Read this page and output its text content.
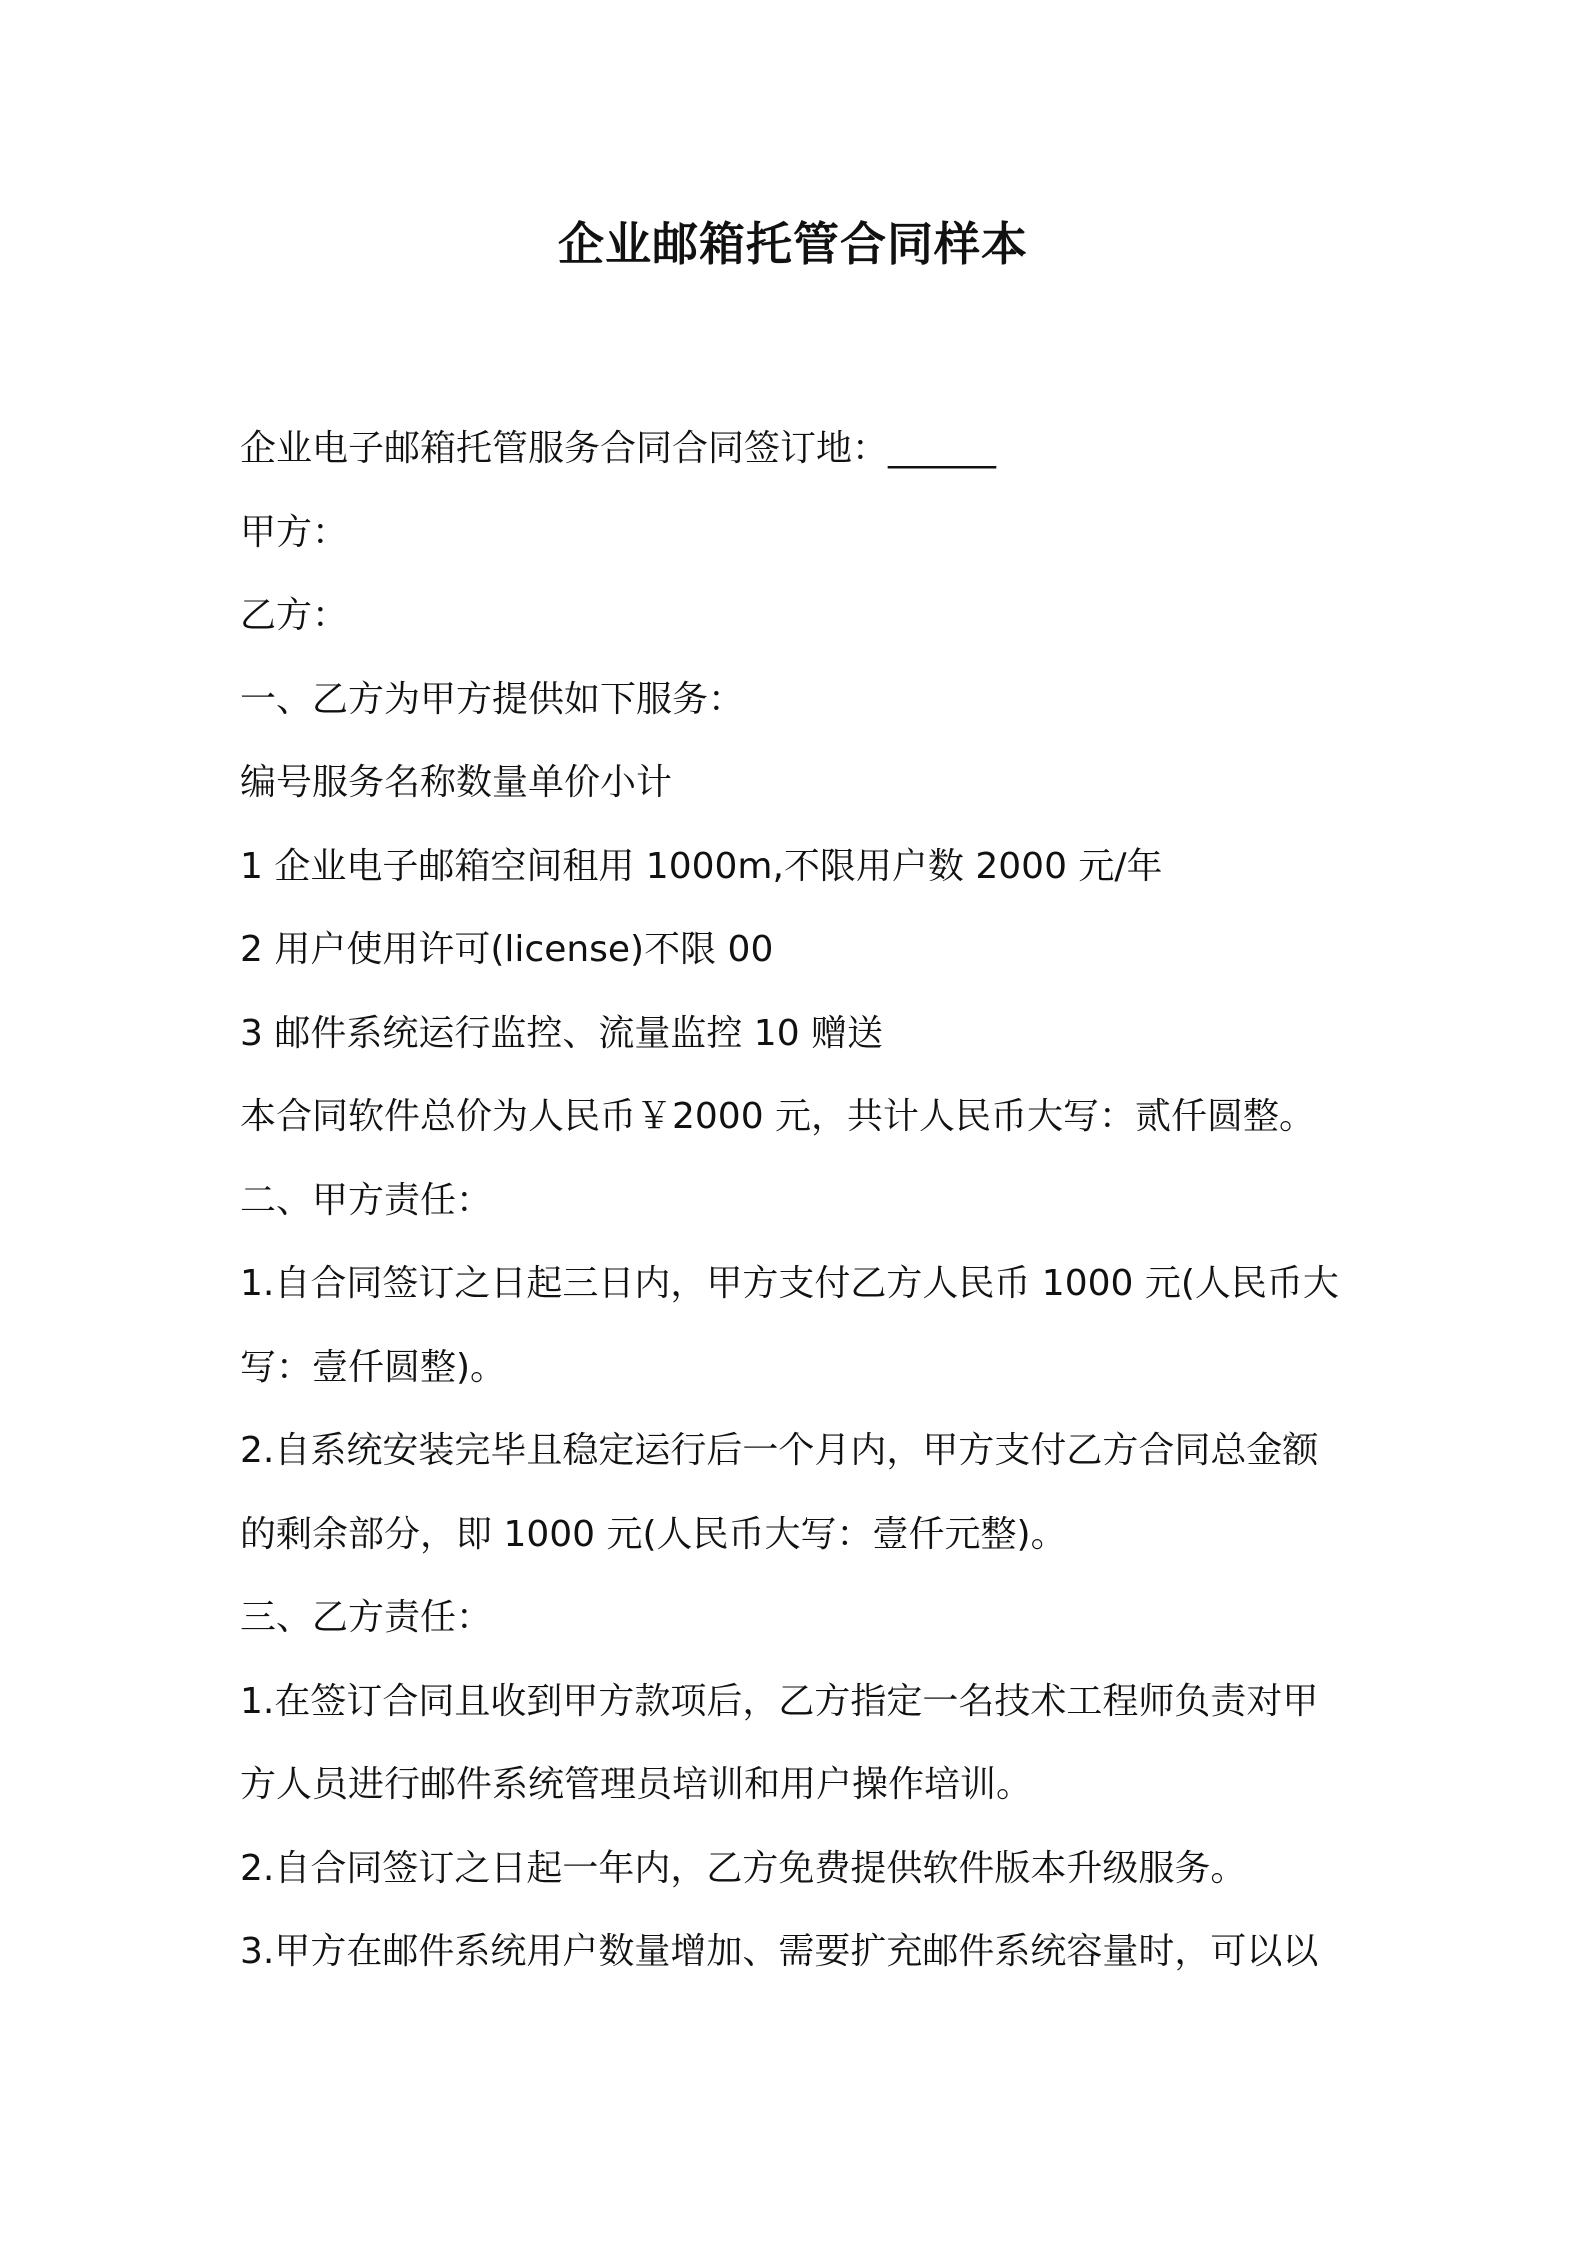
企业邮箱托管合同样本
企业电子邮箱托管服务合同合同签订地：______
甲方：
乙方：
一、乙方为甲方提供如下服务：
编号服务名称数量单价小计
1 企业电子邮箱空间租用 1000m,不限用户数 2000 元/年
2 用户使用许可(license)不限 00
3 邮件系统运行监控、流量监控 10 赠送
本合同软件总价为人民币￥2000 元，共计人民币大写：贰仟圆整。
二、甲方责任：
1.自合同签订之日起三日内，甲方支付乙方人民币 1000 元(人民币大
写：壹仟圆整)。
2.自系统安装完毕且稳定运行后一个月内，甲方支付乙方合同总金额
的剩余部分，即 1000 元(人民币大写：壹仟元整)。
三、乙方责任：
1.在签订合同且收到甲方款项后，乙方指定一名技术工程师负责对甲
方人员进行邮件系统管理员培训和用户操作培训。
2.自合同签订之日起一年内，乙方免费提供软件版本升级服务。
3.甲方在邮件系统用户数量增加、需要扩充邮件系统容量时，可以以
